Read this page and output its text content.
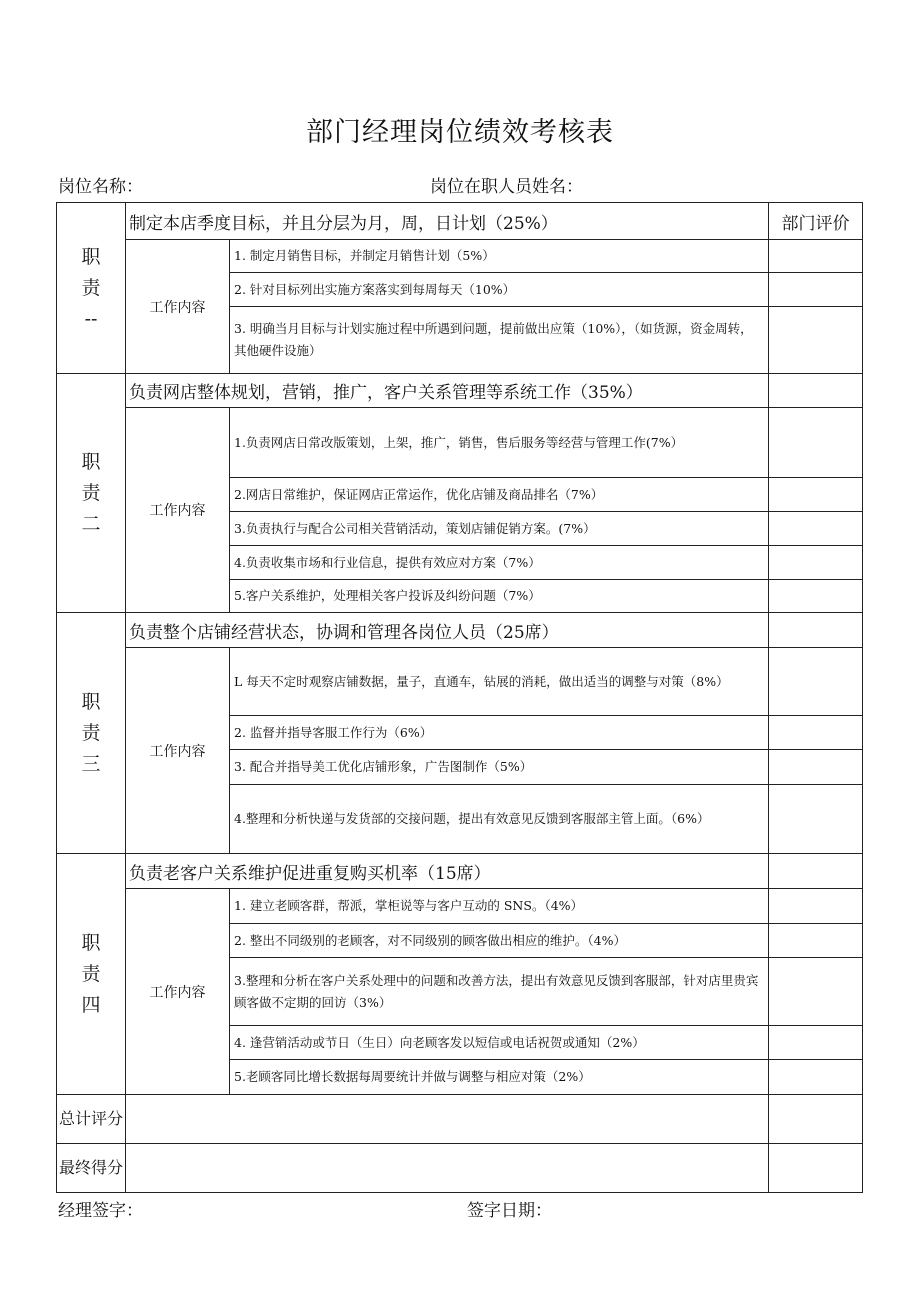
部门经理岗位绩效考核表
岗位名称：	岗位在职人员姓名：
职
责
--	制定本店季度目标，并且分层为月，周，日计划（25%）		部门评价
	工作内容	1. 制定月销售目标，并制定月销售计划（5%）	
		2. 针对目标列出实施方案落实到每周每天（10%）	
		3. 明确当月目标与计划实施过程中所遇到问题，提前做出应策（10%），（如货源，资金周转，其他硬件设施）	

职
责
二	负责网店整体规划，营销，推广，客户关系管理等系统工作（35%）		
	工作内容	1.负责网店日常改版策划，上架，推广，销售，售后服务等经营与管理工作(7%）	
		2.网店日常维护，保证网店正常运作，优化店铺及商品排名（7%）	
		3.负责执行与配合公司相关营销活动，策划店铺促销方案。(7%）	
		4.负责收集市场和行业信息，提供有效应对方案（7%）	
		5.客户关系维护，处理相关客户投诉及纠纷问题（7%）	

职
责
三	负责整个店铺经营状态，协调和管理各岗位人员（25席）		
	工作内容	L 每天不定时观察店铺数据，量子，直通车，钻展的消耗，做出适当的调整与对策（8%）	
		2. 监督并指导客服工作行为（6%）	
		3. 配合并指导美工优化店铺形象，广告图制作（5%）	
		4.整理和分析快递与发货部的交接问题，提出有效意见反馈到客服部主管上面。（6%）	

职
责
四	负责老客户关系维护促进重复购买机率（15席）		
	工作内容	1. 建立老顾客群，帮派，掌柜说等与客户互动的 SNS。（4%）	
		2. 整出不同级别的老顾客，对不同级别的顾客做出相应的维护。（4%）	
		3.整理和分析在客户关系处理中的问题和改善方法，提出有效意见反馈到客服部，针对店里贵宾顾客做不定期的回访（3%）	
		4. 逢营销活动或节日（生日）向老顾客发以短信或电话祝贺或通知（2%）	
		5.老顾客同比增长数据每周要统计并做与调整与相应对策（2%）	
总计评分			
最终得分			
经理签字：	签字日期：
